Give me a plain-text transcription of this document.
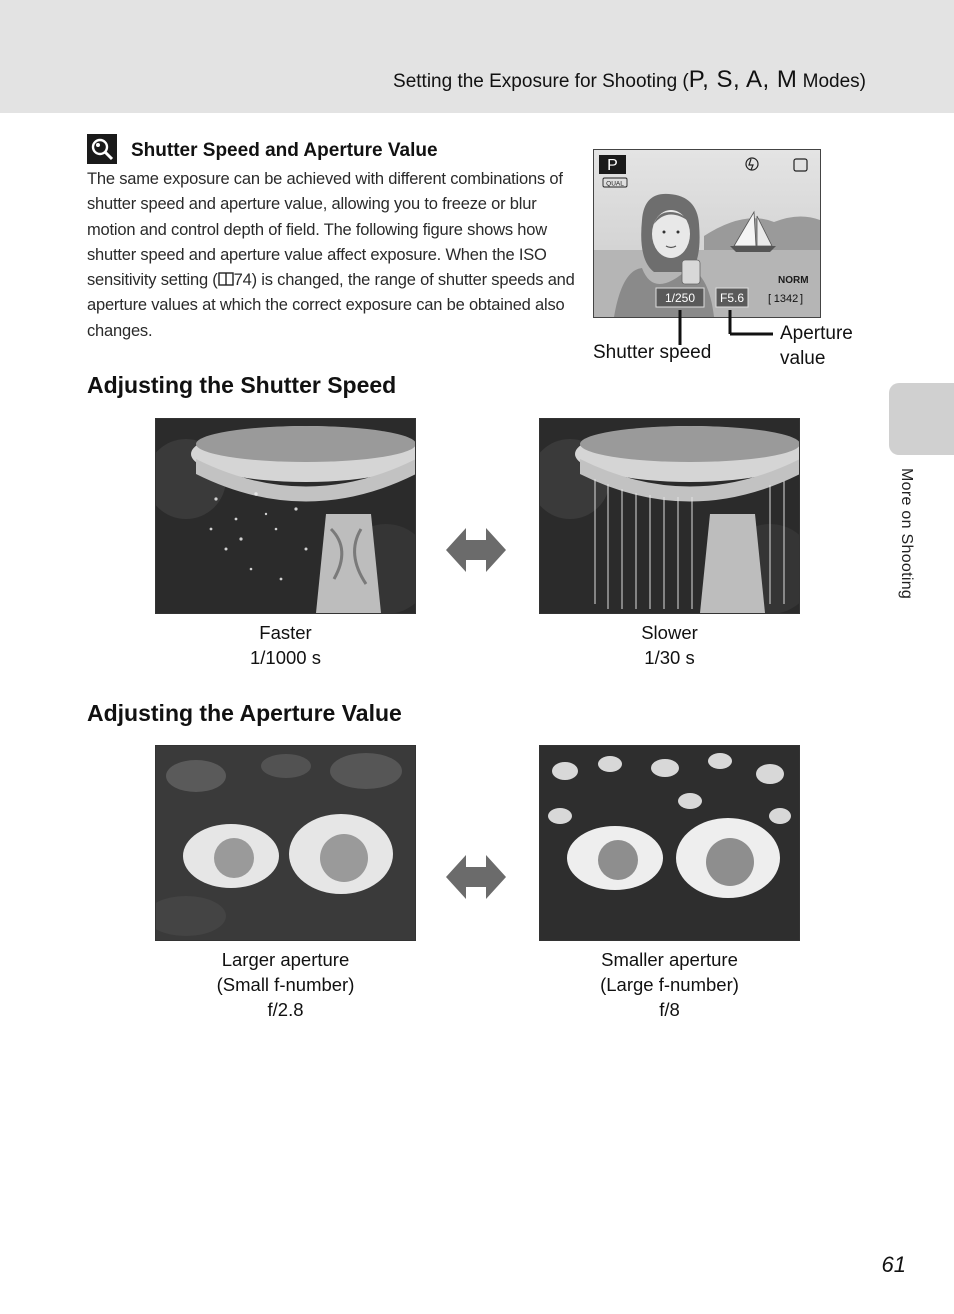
Setting the Exposure for Shooting (P, S, A, M Modes)
Shutter Speed and Aperture Value
The same exposure can be achieved with different combinations of shutter speed and aperture value, allowing you to freeze or blur motion and control depth of field. The following figure shows how shutter speed and aperture value affect exposure. When the ISO sensitivity setting ( 74) is changed, the range of shutter speeds and aperture values at which the correct exposure can be obtained also changes.
P
QUAL
NORM
1/250 F5.6 [ 1342 ]
Shutter speed
Aperture
value
Adjusting the Shutter Speed
Faster
1/1000 s
Slower
1/30 s
Adjusting the Aperture Value
Larger aperture
(Small f-number)
f/2.8
Smaller aperture
(Large f-number)
f/8
More on Shooting
61
